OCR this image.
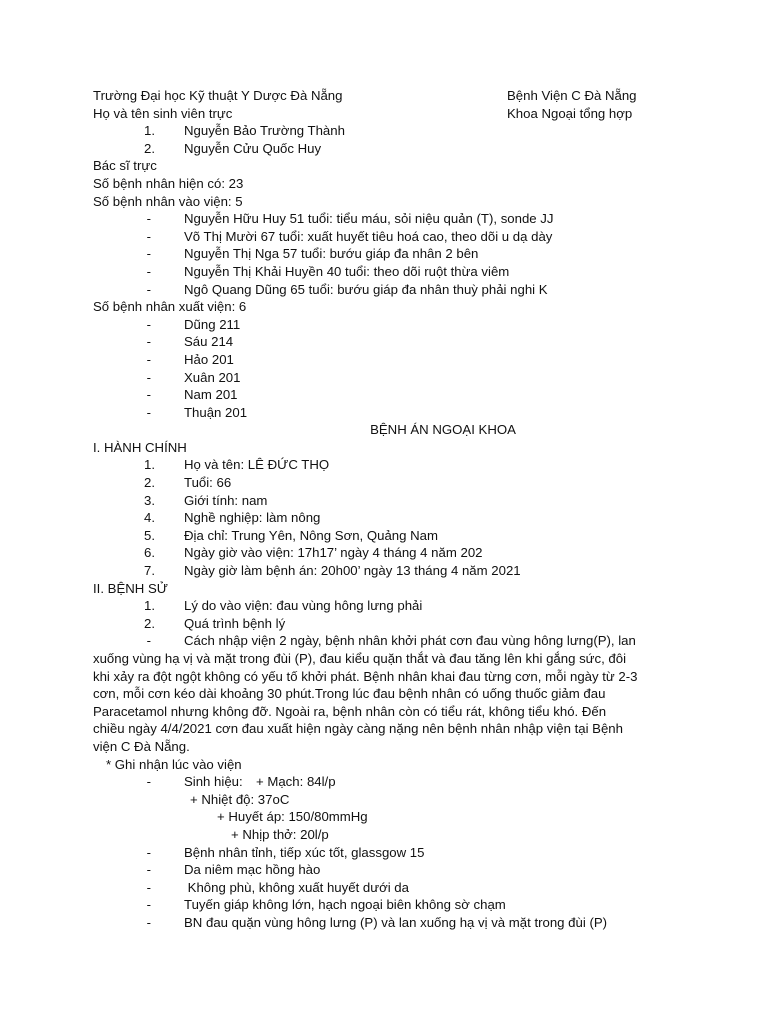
Trường Đại học Kỹ thuật Y Dược Đà Nẵng	Bệnh Viện C Đà Nẵng
Họ và tên sinh viên trực	Khoa Ngoại tổng hợp
1. Nguyễn Bảo Trường Thành
2. Nguyễn Cửu Quốc Huy
Bác sĩ trực
Số bệnh nhân hiện có: 23
Số bệnh nhân vào viện: 5
-	Nguyễn Hữu Huy 51 tuổi: tiểu máu, sỏi niệu quản (T), sonde JJ
-	Võ Thị Mười 67 tuổi: xuất huyết tiêu hoá cao, theo dõi u dạ dày
-	Nguyễn Thị Nga 57 tuổi: bướu giáp đa nhân 2 bên
-	Nguyễn Thị Khải Huyền 40 tuổi: theo dõi ruột thừa viêm
-	Ngô Quang Dũng 65 tuổi: bướu giáp đa nhân thuỳ phải nghi K
Số bệnh nhân xuất viện: 6
-	Dũng 211
-	Sáu 214
-	Hảo 201
-	Xuân 201
-	Nam 201
-	Thuận 201
BỆNH ÁN NGOẠI KHOA
I. HÀNH CHÍNH
1. Họ và tên: LÊ ĐỨC THỌ
2. Tuổi: 66
3. Giới tính: nam
4. Nghề nghiệp: làm nông
5. Địa chỉ: Trung Yên, Nông Sơn, Quảng Nam
6. Ngày giờ vào viện: 17h17’ ngày 4 tháng 4 năm 202
7. Ngày giờ làm bệnh án: 20h00’ ngày 13 tháng 4 năm 2021
II. BỆNH SỬ
1. Lý do vào viện: đau vùng hông lưng phải
2. Quá trình bệnh lý
-	Cách nhập viện 2 ngày, bệnh nhân khởi phát cơn đau vùng hông lưng(P), lan xuống vùng hạ vị và mặt trong đùi (P), đau kiểu quặn thắt và đau tăng lên khi gắng sức, đôi khi xảy ra đột ngột không có yếu tố khởi phát. Bệnh nhân khai đau từng cơn, mỗi ngày từ 2-3 cơn, mỗi cơn kéo dài khoảng 30 phút.Trong lúc đau bệnh nhân có uống thuốc giảm đau Paracetamol nhưng không đỡ. Ngoài ra, bệnh nhân còn có tiểu rát, không tiểu khó. Đến chiều ngày 4/4/2021 cơn đau xuất hiện ngày càng nặng nên bệnh nhân nhập viện tại Bệnh viện C Đà Nẵng.
* Ghi nhận lúc vào viện
-	Sinh hiệu: + Mạch: 84l/p
+ Nhiệt độ: 37oC
+ Huyết áp: 150/80mmHg
+ Nhịp thở: 20l/p
-	Bệnh nhân tỉnh, tiếp xúc tốt, glassgow 15
-	Da niêm mạc hồng hào
-	Không phù, không xuất huyết dưới da
-	Tuyến giáp không lớn, hạch ngoại biên không sờ chạm
-	BN đau quặn vùng hông lưng (P) và lan xuống hạ vị và mặt trong đùi (P)
